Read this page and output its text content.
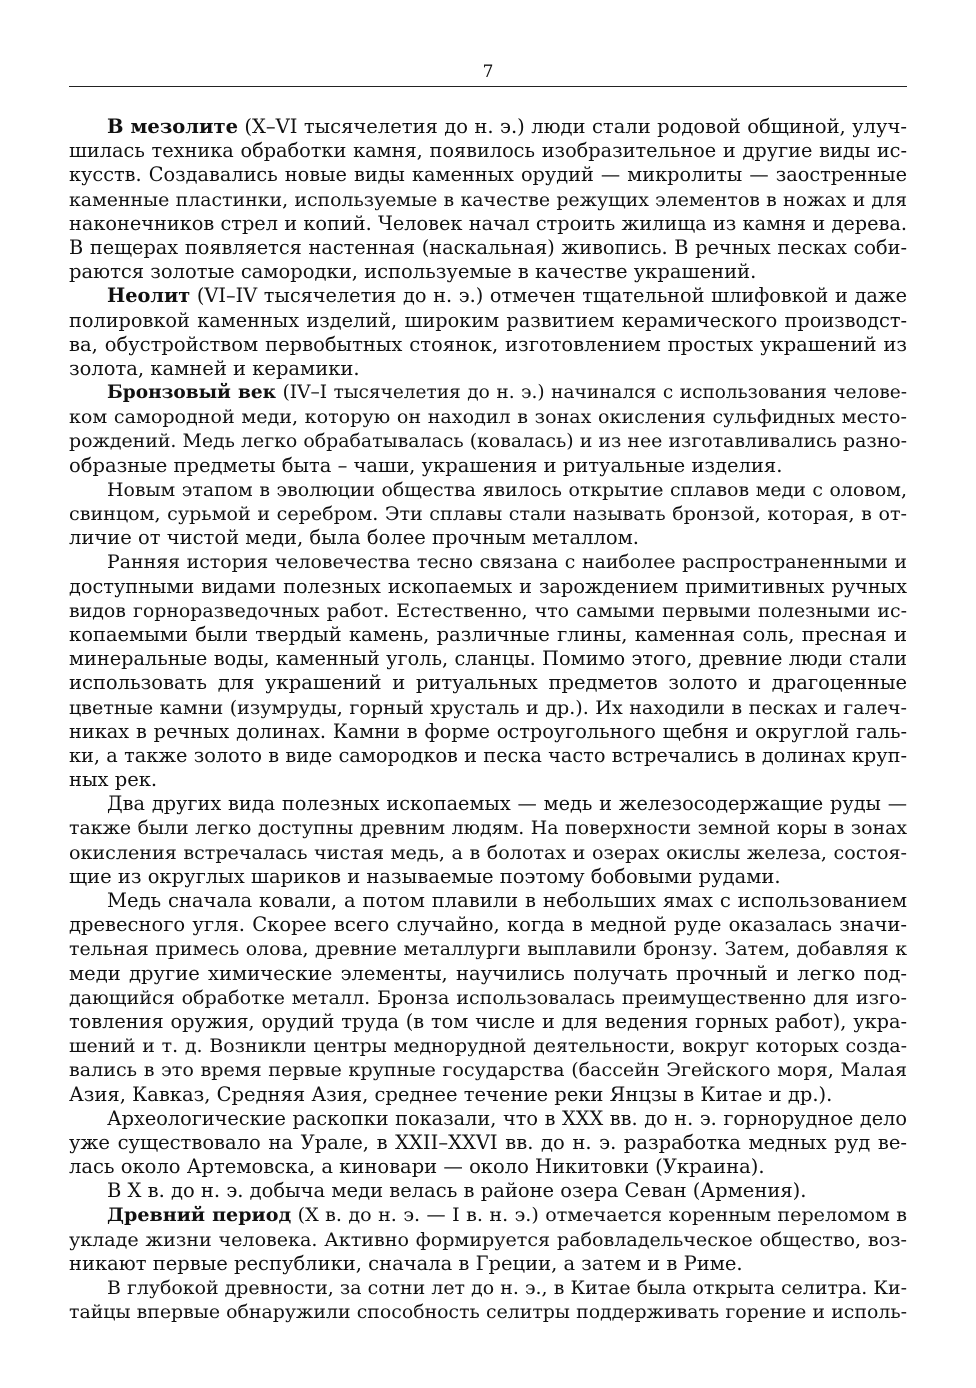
7
В мезолите (X–VI тысячелетия до н. э.) люди стали родовой общиной, улуч-
шилась техника обработки камня, появилось изобразительное и другие виды ис-
кусств. Создавались новые виды каменных орудий — микролиты — заостренные
каменные пластинки, используемые в качестве режущих элементов в ножах и для
наконечников стрел и копий. Человек начал строить жилища из камня и дерева.
В пещерах появляется настенная (наскальная) живопись. В речных песках соби-
раются золотые самородки, используемые в качестве украшений.
Неолит (VI–IV тысячелетия до н. э.) отмечен тщательной шлифовкой и даже
полировкой каменных изделий, широким развитием керамического производст-
ва, обустройством первобытных стоянок, изготовлением простых украшений из
золота, камней и керамики.
Бронзовый век (IV–I тысячелетия до н. э.) начинался с использования челове-
ком самородной меди, которую он находил в зонах окисления сульфидных место-
рождений. Медь легко обрабатывалась (ковалась) и из нее изготавливались разно-
образные предметы быта – чаши, украшения и ритуальные изделия.
Новым этапом в эволюции общества явилось открытие сплавов меди с оловом,
свинцом, сурьмой и серебром. Эти сплавы стали называть бронзой, которая, в от-
личие от чистой меди, была более прочным металлом.
Ранняя история человечества тесно связана с наиболее распространенными и
доступными видами полезных ископаемых и зарождением примитивных ручных
видов горноразведочных работ. Естественно, что самыми первыми полезными ис-
копаемыми были твердый камень, различные глины, каменная соль, пресная и
минеральные воды, каменный уголь, сланцы. Помимо этого, древние люди стали
использовать для украшений и ритуальных предметов золото и драгоценные
цветные камни (изумруды, горный хрусталь и др.). Их находили в песках и галеч-
никах в речных долинах. Камни в форме остроугольного щебня и округлой галь-
ки, а также золото в виде самородков и песка часто встречались в долинах круп-
ных рек.
Два других вида полезных ископаемых — медь и железосодержащие руды —
также были легко доступны древним людям. На поверхности земной коры в зонах
окисления встречалась чистая медь, а в болотах и озерах окислы железа, состоя-
щие из округлых шариков и называемые поэтому бобовыми рудами.
Медь сначала ковали, а потом плавили в небольших ямах с использованием
древесного угля. Скорее всего случайно, когда в медной руде оказалась значи-
тельная примесь олова, древние металлурги выплавили бронзу. Затем, добавляя к
меди другие химические элементы, научились получать прочный и легко под-
дающийся обработке металл. Бронза использовалась преимущественно для изго-
товления оружия, орудий труда (в том числе и для ведения горных работ), укра-
шений и т. д. Возникли центры меднорудной деятельности, вокруг которых созда-
вались в это время первые крупные государства (бассейн Эгейского моря, Малая
Азия, Кавказ, Средняя Азия, среднее течение реки Янцзы в Китае и др.).
Археологические раскопки показали, что в XXX вв. до н. э. горнорудное дело
уже существовало на Урале, в XXII–XXVI вв. до н. э. разработка медных руд ве-
лась около Артемовска, а киновари — около Никитовки (Украина).
В X в. до н. э. добыча меди велась в районе озера Севан (Армения).
Древний период (X в. до н. э. — I в. н. э.) отмечается коренным переломом в
укладе жизни человека. Активно формируется рабовладельческое общество, воз-
никают первые республики, сначала в Греции, а затем и в Риме.
В глубокой древности, за сотни лет до н. э., в Китае была открыта селитра. Ки-
тайцы впервые обнаружили способность селитры поддерживать горение и исполь-
